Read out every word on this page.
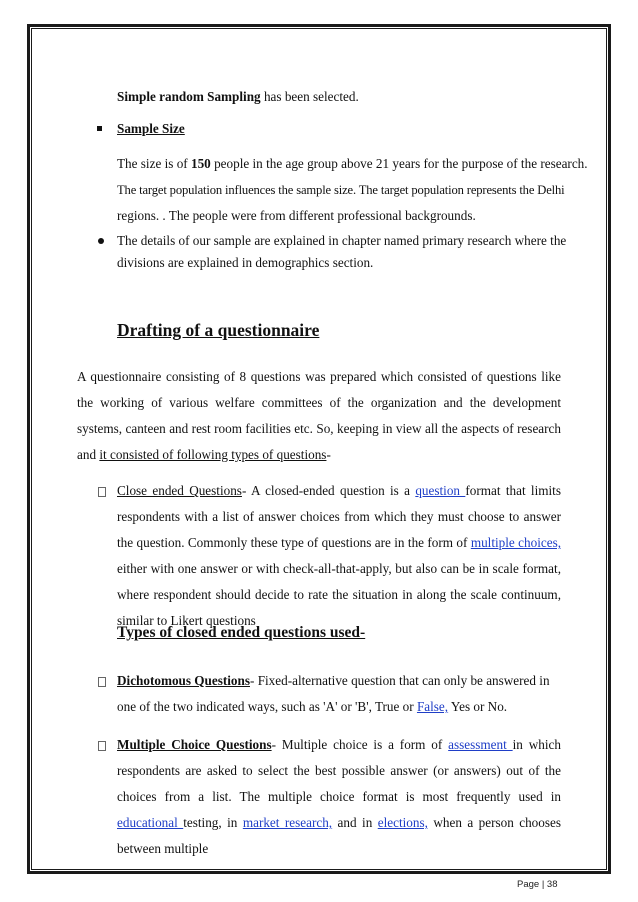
Simple random Sampling has been selected.
Sample Size
The size is of 150 people in the age group above 21 years for the purpose of the research.
The target population influences the sample size. The target population represents the Delhi
regions. . The people were from different professional backgrounds.
The details of our sample are explained in chapter named primary research where the
divisions are explained in demographics section.
Drafting of a questionnaire
A questionnaire consisting of 8 questions was prepared which consisted of questions like the working of various welfare committees of the organization and the development systems, canteen and rest room facilities etc. So, keeping in view all the aspects of research and it consisted of following types of questions-
Close ended Questions- A closed-ended question is a question format that limits respondents with a list of answer choices from which they must choose to answer the question. Commonly these type of questions are in the form of multiple choices, either with one answer or with check-all-that-apply, but also can be in scale format, where respondent should decide to rate the situation in along the scale continuum, similar to Likert questions
Types of closed ended questions used-
Dichotomous Questions- Fixed-alternative question that can only be answered in one of the two indicated ways, such as 'A' or 'B', True or False, Yes or No.
Multiple Choice Questions- Multiple choice is a form of assessment in which respondents are asked to select the best possible answer (or answers) out of the choices from a list. The multiple choice format is most frequently used in educational testing, in market research, and in elections, when a person chooses between multiple
Page | 38
